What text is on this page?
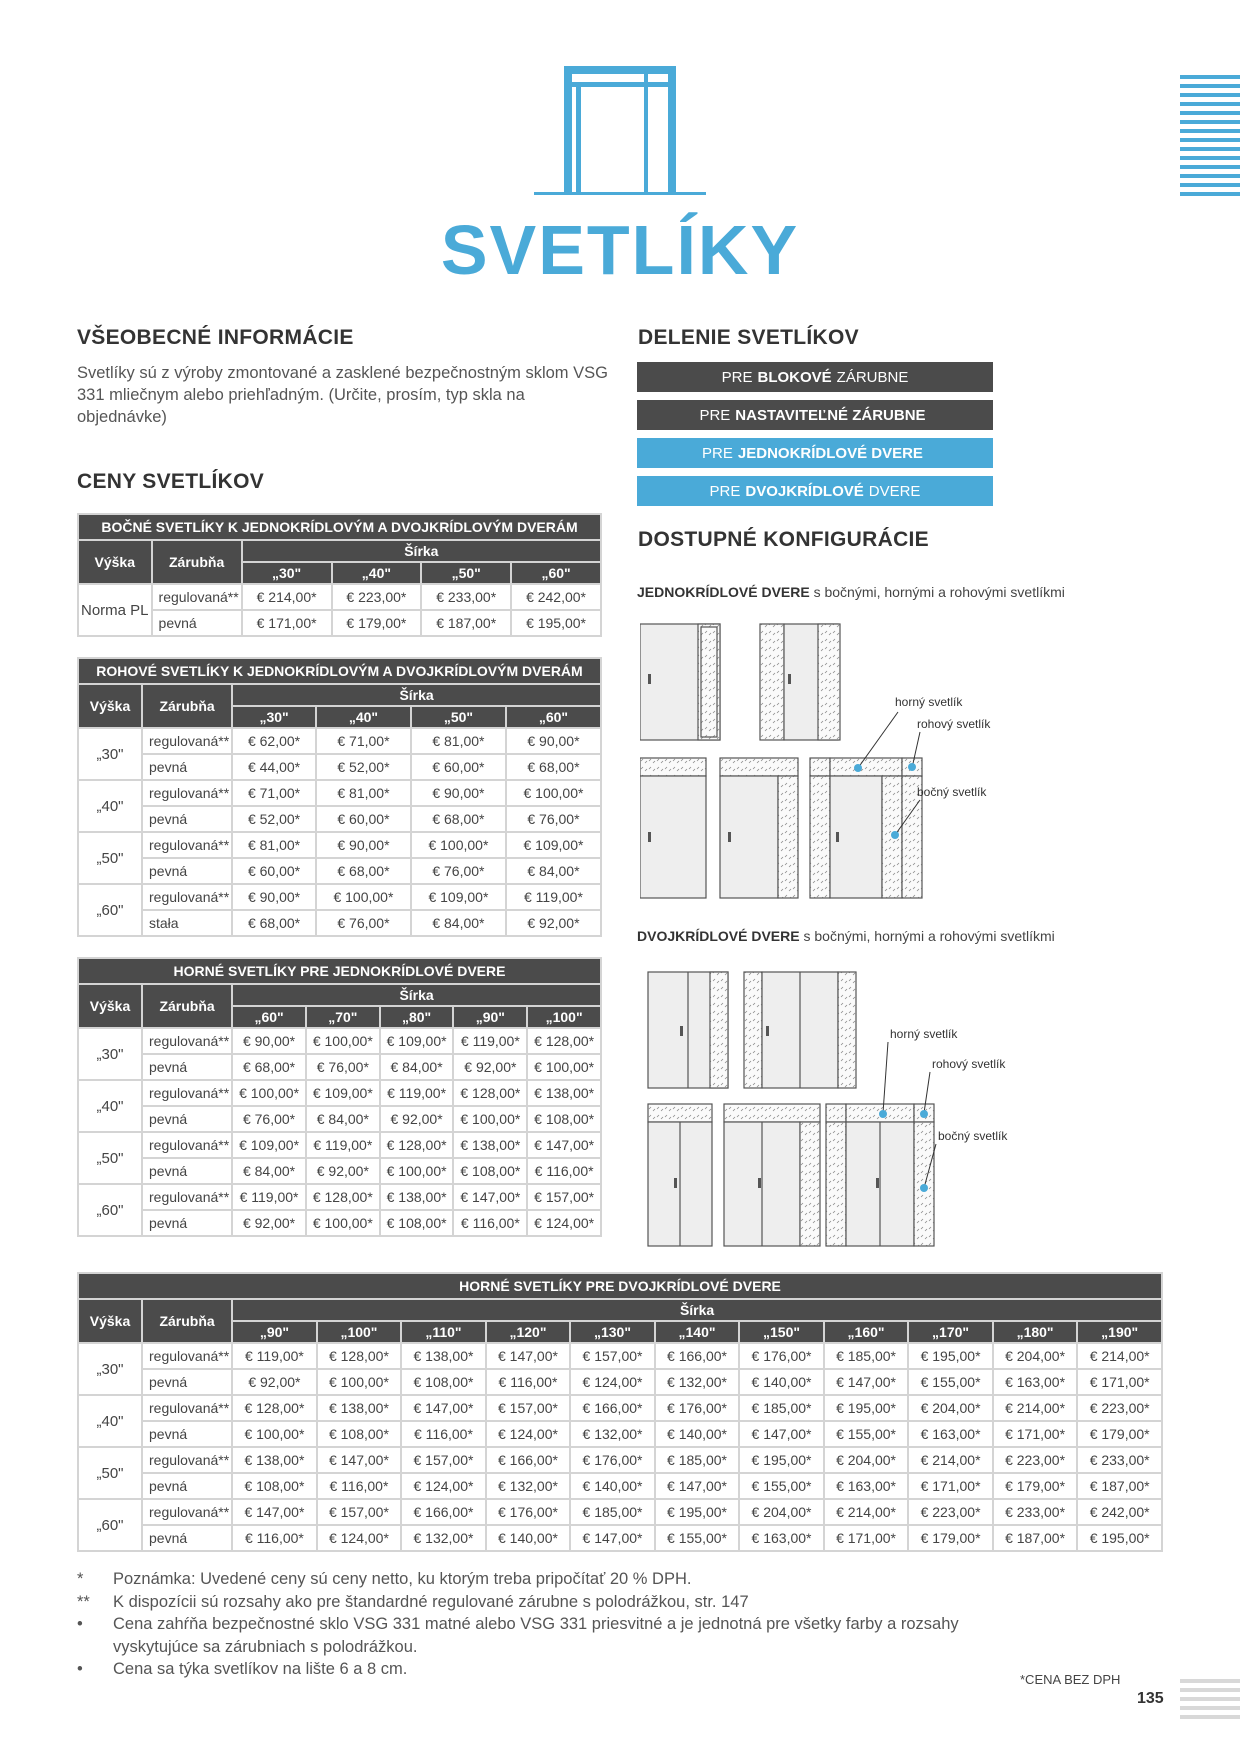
SVETLÍKY
VŠEOBECNÉ INFORMÁCIE

Svetlíky sú z výroby zmontované a zasklené bezpečnostným sklom VSG 331 mliečnym alebo priehľadným. (Určite, prosím, typ skla na objednávke)

CENY SVETLÍKOV
DELENIE SVETLÍKOV
PRE BLOKOVÉ ZÁRUBNE
PRE NASTAVITEĽNÉ ZÁRUBNE
PRE JEDNOKRÍDLOVÉ DVERE
PRE DVOJKRÍDLOVÉ DVERE
DOSTUPNÉ KONFIGURÁCIE
JEDNOKRÍDLOVÉ DVERE s bočnými, hornými a rohovými svetlíkmi
horný svetlík
rohový svetlík
bočný svetlík
DVOJKRÍDLOVÉ DVERE s bočnými, hornými a rohovými svetlíkmi
horný svetlík
rohový svetlík
bočný svetlík
BOČNÉ SVETLÍKY K JEDNOKRÍDLOVÝM A DVOJKRÍDLOVÝM DVERÁM					
Výška	Zárubňa	Šírka			
		„30"	„40"	„50"	„60"
Norma PL	regulovaná**	€ 214,00*	€ 223,00*	€ 233,00*	€ 242,00*
	pevná	€ 171,00*	€ 179,00*	€ 187,00*	€ 195,00*
ROHOVÉ SVETLÍKY K JEDNOKRÍDLOVÝM A DVOJKRÍDLOVÝM DVERÁM					
Výška	Zárubňa	Šírka			
		„30"	„40"	„50"	„60"
„30"	regulovaná**	€ 62,00*	€ 71,00*	€ 81,00*	€ 90,00*
	pevná	€ 44,00*	€ 52,00*	€ 60,00*	€ 68,00*
„40"	regulovaná**	€ 71,00*	€ 81,00*	€ 90,00*	€ 100,00*
	pevná	€ 52,00*	€ 60,00*	€ 68,00*	€ 76,00*
„50"	regulovaná**	€ 81,00*	€ 90,00*	€ 100,00*	€ 109,00*
	pevná	€ 60,00*	€ 68,00*	€ 76,00*	€ 84,00*
„60"	regulovaná**	€ 90,00*	€ 100,00*	€ 109,00*	€ 119,00*
	stała	€ 68,00*	€ 76,00*	€ 84,00*	€ 92,00*
HORNÉ SVETLÍKY PRE JEDNOKRÍDLOVÉ DVERE						
Výška	Zárubňa	Šírka				
		„60"	„70"	„80"	„90"	„100"
„30"	regulovaná**	€ 90,00*	€ 100,00*	€ 109,00*	€ 119,00*	€ 128,00*
	pevná	€ 68,00*	€ 76,00*	€ 84,00*	€ 92,00*	€ 100,00*
„40"	regulovaná**	€ 100,00*	€ 109,00*	€ 119,00*	€ 128,00*	€ 138,00*
	pevná	€ 76,00*	€ 84,00*	€ 92,00*	€ 100,00*	€ 108,00*
„50"	regulovaná**	€ 109,00*	€ 119,00*	€ 128,00*	€ 138,00*	€ 147,00*
	pevná	€ 84,00*	€ 92,00*	€ 100,00*	€ 108,00*	€ 116,00*
„60"	regulovaná**	€ 119,00*	€ 128,00*	€ 138,00*	€ 147,00*	€ 157,00*
	pevná	€ 92,00*	€ 100,00*	€ 108,00*	€ 116,00*	€ 124,00*
HORNÉ SVETLÍKY PRE DVOJKRÍDLOVÉ DVERE												
Výška	Zárubňa	Šírka										
		„90"	„100"	„110"	„120"	„130"	„140"	„150"	„160"	„170"	„180"	„190"
„30"	regulovaná**	€ 119,00*	€ 128,00*	€ 138,00*	€ 147,00*	€ 157,00*	€ 166,00*	€ 176,00*	€ 185,00*	€ 195,00*	€ 204,00*	€ 214,00*
	pevná	€ 92,00*	€ 100,00*	€ 108,00*	€ 116,00*	€ 124,00*	€ 132,00*	€ 140,00*	€ 147,00*	€ 155,00*	€ 163,00*	€ 171,00*
„40"	regulovaná**	€ 128,00*	€ 138,00*	€ 147,00*	€ 157,00*	€ 166,00*	€ 176,00*	€ 185,00*	€ 195,00*	€ 204,00*	€ 214,00*	€ 223,00*
	pevná	€ 100,00*	€ 108,00*	€ 116,00*	€ 124,00*	€ 132,00*	€ 140,00*	€ 147,00*	€ 155,00*	€ 163,00*	€ 171,00*	€ 179,00*
„50"	regulovaná**	€ 138,00*	€ 147,00*	€ 157,00*	€ 166,00*	€ 176,00*	€ 185,00*	€ 195,00*	€ 204,00*	€ 214,00*	€ 223,00*	€ 233,00*
	pevná	€ 108,00*	€ 116,00*	€ 124,00*	€ 132,00*	€ 140,00*	€ 147,00*	€ 155,00*	€ 163,00*	€ 171,00*	€ 179,00*	€ 187,00*
„60"	regulovaná**	€ 147,00*	€ 157,00*	€ 166,00*	€ 176,00*	€ 185,00*	€ 195,00*	€ 204,00*	€ 214,00*	€ 223,00*	€ 233,00*	€ 242,00*
	pevná	€ 116,00*	€ 124,00*	€ 132,00*	€ 140,00*	€ 147,00*	€ 155,00*	€ 163,00*	€ 171,00*	€ 179,00*	€ 187,00*	€ 195,00*
*	Poznámka: Uvedené ceny sú ceny netto, ku ktorým treba pripočítať 20 % DPH.
**	K dispozícii sú rozsahy ako pre štandardné regulované zárubne s polodrážkou, str. 147
•	Cena zahŕňa bezpečnostné sklo VSG 331 matné alebo VSG 331 priesvitné a je jednotná pre všetky farby a rozsahy vyskytujúce sa zárubniach s polodrážkou.
•	Cena sa týka svetlíkov na lište 6 a 8 cm.
*CENA BEZ DPH
135
